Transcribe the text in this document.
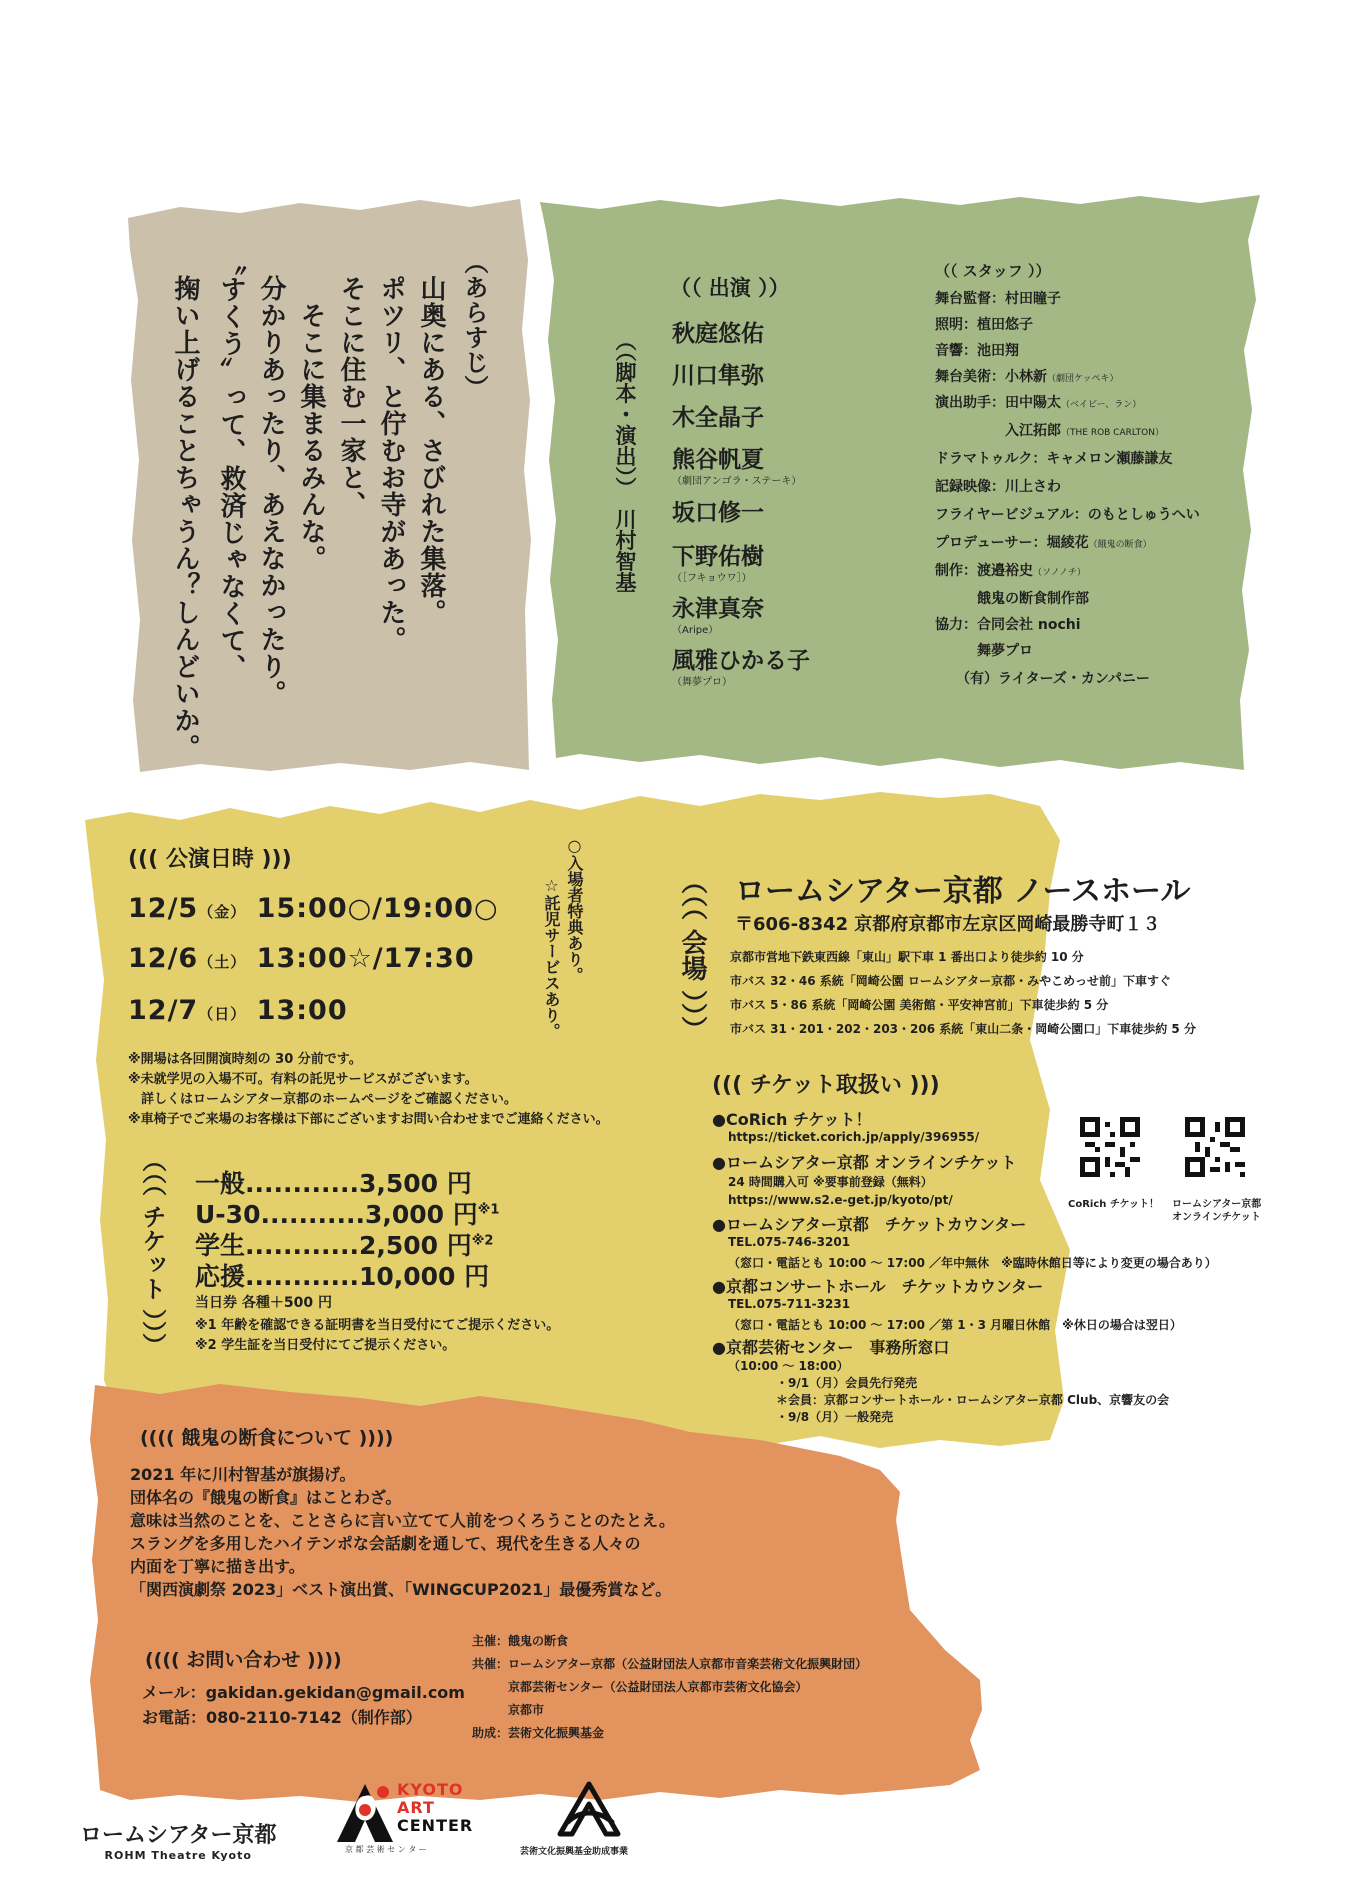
（あらすじ）
山奥にある、さびれた集落。
ポツリ、と佇むお寺があった。
そこに住む一家と、
　そこに集まるみんな。
分かりあったり、あえなかったり。
〝すくう〟って、救済じゃなくて、
掬い上げることちゃうん？しんどいか。	（（脚本・演出））　川村智基
（（ 出演 ））
秋庭悠佑
川口隼弥
木全晶子
熊谷帆夏
（劇団アンゴラ・ステーキ）
坂口修一
下野佑樹
（［フキョウワ］）
永津真奈
（Aripe）
風雅ひかる子
（舞夢プロ）
（（ スタッフ ））
舞台監督：村田瞳子
照明：植田悠子
音響：池田翔
舞台美術：小林新（劇団ケッペキ）
演出助手：田中陽太（ベイビー、ラン）
　　　　　入江拓郎（THE ROB CARLTON）
ドラマトゥルク：キャメロン瀬藤謙友
記録映像：川上さわ
フライヤービジュアル：のもとしゅうへい
プロデューサー：堀綾花（餓鬼の断食）
制作：渡邉裕史（ソノノチ）
　　　餓鬼の断食制作部
協力：合同会社 nochi
　　　舞夢プロ
　　（有）ライターズ・カンパニー
((( 公演日時 )))
12/5（金） 15:00○/19:00○
12/6（土） 13:00☆/17:30
12/7（日） 13:00
○入場者特典あり。
☆託児サービスあり。
※開場は各回開演時刻の 30 分前です。
※未就学児の入場不可。有料の託児サービスがございます。
　詳しくはロームシアター京都のホームページをご確認ください。
※車椅子でご来場のお客様は下部にございますお問い合わせまでご連絡ください。
（（（ 会場 ））） ロームシアター京都 ノースホール
〒606-8342 京都府京都市左京区岡崎最勝寺町１３
京都市営地下鉄東西線「東山」駅下車 1 番出口より徒歩約 10 分
市バス 32・46 系統「岡崎公園 ロームシアター京都・みやこめっせ前」下車すぐ
市バス 5・86 系統「岡崎公園 美術館・平安神宮前」下車徒歩約 5 分
市バス 31・201・202・203・206 系統「東山二条・岡崎公園口」下車徒歩約 5 分
（（（ チケット ））） 一般............3,500 円
U-30...........3,000 円$^{※1}$
学生............2,500 円$^{※2}$
応援............10,000 円
当日券 各種＋500 円
※1 年齢を確認できる証明書を当日受付にてご提示ください。
※2 学生証を当日受付にてご提示ください。
((( チケット取扱い )))
●CoRich チケット！
https://ticket.corich.jp/apply/396955/
●ロームシアター京都 オンラインチケット
24 時間購入可 ※要事前登録（無料）
https://www.s2.e-get.jp/kyoto/pt/
●ロームシアター京都　チケットカウンター
TEL.075-746-3201
（窓口・電話とも 10:00 ～ 17:00 ／年中無休　※臨時休館日等により変更の場合あり）
●京都コンサートホール　チケットカウンター
TEL.075-711-3231
（窓口・電話とも 10:00 ～ 17:00 ／第 1・3 月曜日休館　※休日の場合は翌日）
●京都芸術センター　事務所窓口
（10:00 ～ 18:00）
　　　　・9/1（月）会員先行発売
　　　　＊会員：京都コンサートホール・ロームシアター京都 Club、京響友の会
　　　　・9/8（月）一般発売
CoRich チケット！ ロームシアター京都
オンラインチケット
(((( 餓鬼の断食について ))))
2021 年に川村智基が旗揚げ。
団体名の『餓鬼の断食』はことわざ。
意味は当然のことを、ことさらに言い立てて人前をつくろうことのたとえ。
スラングを多用したハイテンポな会話劇を通して、現代を生きる人々の
内面を丁寧に描き出す。
「関西演劇祭 2023」ベスト演出賞、「WINGCUP2021」最優秀賞など。
(((( お問い合わせ ))))
メール：gakidan.gekidan@gmail.com
お電話：080-2110-7142（制作部）
主催：餓鬼の断食
共催：ロームシアター京都（公益財団法人京都市音楽芸術文化振興財団）
　　　京都芸術センター（公益財団法人京都市芸術文化協会）
　　　京都市
助成：芸術文化振興基金
ロームシアター京都
ROHM Theatre Kyoto
KYOTO
ART
CENTER
京 都 芸 術 セ ン タ ー	芸術文化振興基金助成事業
